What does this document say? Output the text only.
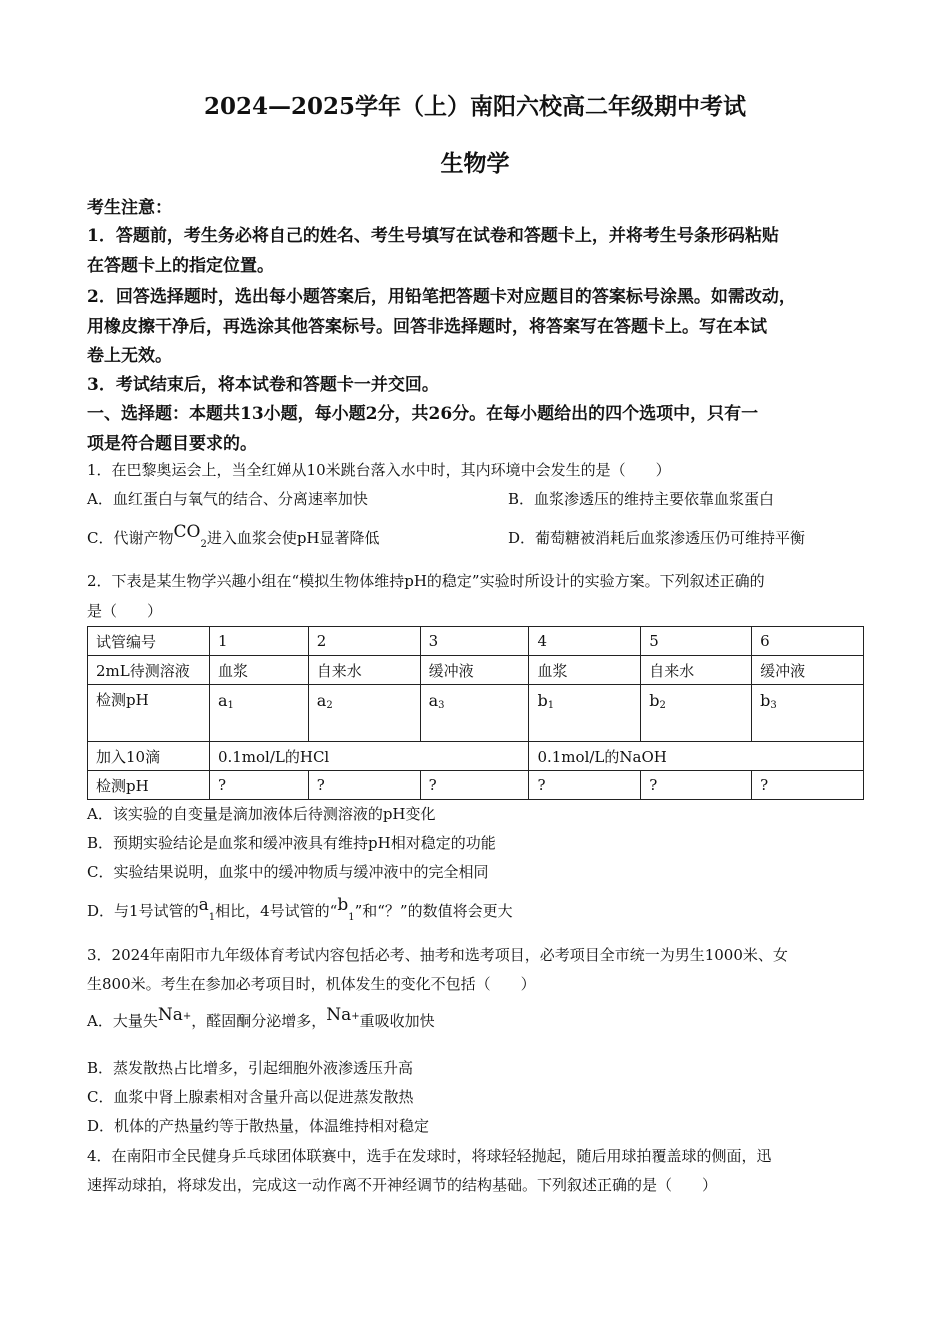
2024—2025学年（上）南阳六校高二年级期中考试
生物学
考生注意：
1．答题前，考生务必将自己的姓名、考生号填写在试卷和答题卡上，并将考生号条形码粘贴
在答题卡上的指定位置。
2．回答选择题时，选出每小题答案后，用铅笔把答题卡对应题目的答案标号涂黑。如需改动，
用橡皮擦干净后，再选涂其他答案标号。回答非选择题时，将答案写在答题卡上。写在本试
卷上无效。
3．考试结束后，将本试卷和答题卡一并交回。
一、选择题：本题共13小题，每小题2分，共26分。在每小题给出的四个选项中，只有一
项是符合题目要求的。
1．在巴黎奥运会上，当全红婵从10米跳台落入水中时，其内环境中会发生的是（　　）
A．血红蛋白与氧气的结合、分离速率加快	B．血浆渗透压的维持主要依靠血浆蛋白
C．代谢产物$CO_2$进入血浆会使pH显著降低	D．葡萄糖被消耗后血浆渗透压仍可维持平衡
2．下表是某生物学兴趣小组在“模拟生物体维持pH的稳定”实验时所设计的实验方案。下列叙述正确的
是（　　）
试管编号	1	2	3	4	5	6
2mL待测溶液	血浆	自来水	缓冲液	血浆	自来水	缓冲液
检测pH	$a_1$	$a_2$	$a_3$	$b_1$	$b_2$	$b_3$
加入10滴	0.1mol/L的HCl			0.1mol/L的NaOH		
检测pH	?	?	?	?	?	?
A．该实验的自变量是滴加液体后待测溶液的pH变化
B．预期实验结论是血浆和缓冲液具有维持pH相对稳定的功能
C．实验结果说明，血浆中的缓冲物质与缓冲液中的完全相同
D．与1号试管的$a_1$相比，4号试管的“$b_1$”和“？”的数值将会更大
3．2024年南阳市九年级体育考试内容包括必考、抽考和选考项目，必考项目全市统一为男生1000米、女
生800米。考生在参加必考项目时，机体发生的变化不包括（　　）
A．大量失Na+，醛固酮分泌增多，Na+重吸收加快
B．蒸发散热占比增多，引起细胞外液渗透压升高
C．血浆中肾上腺素相对含量升高以促进蒸发散热
D．机体的产热量约等于散热量，体温维持相对稳定
4．在南阳市全民健身乒乓球团体联赛中，选手在发球时，将球轻轻抛起，随后用球拍覆盖球的侧面，迅
速挥动球拍，将球发出，完成这一动作离不开神经调节的结构基础。下列叙述正确的是（　　）
